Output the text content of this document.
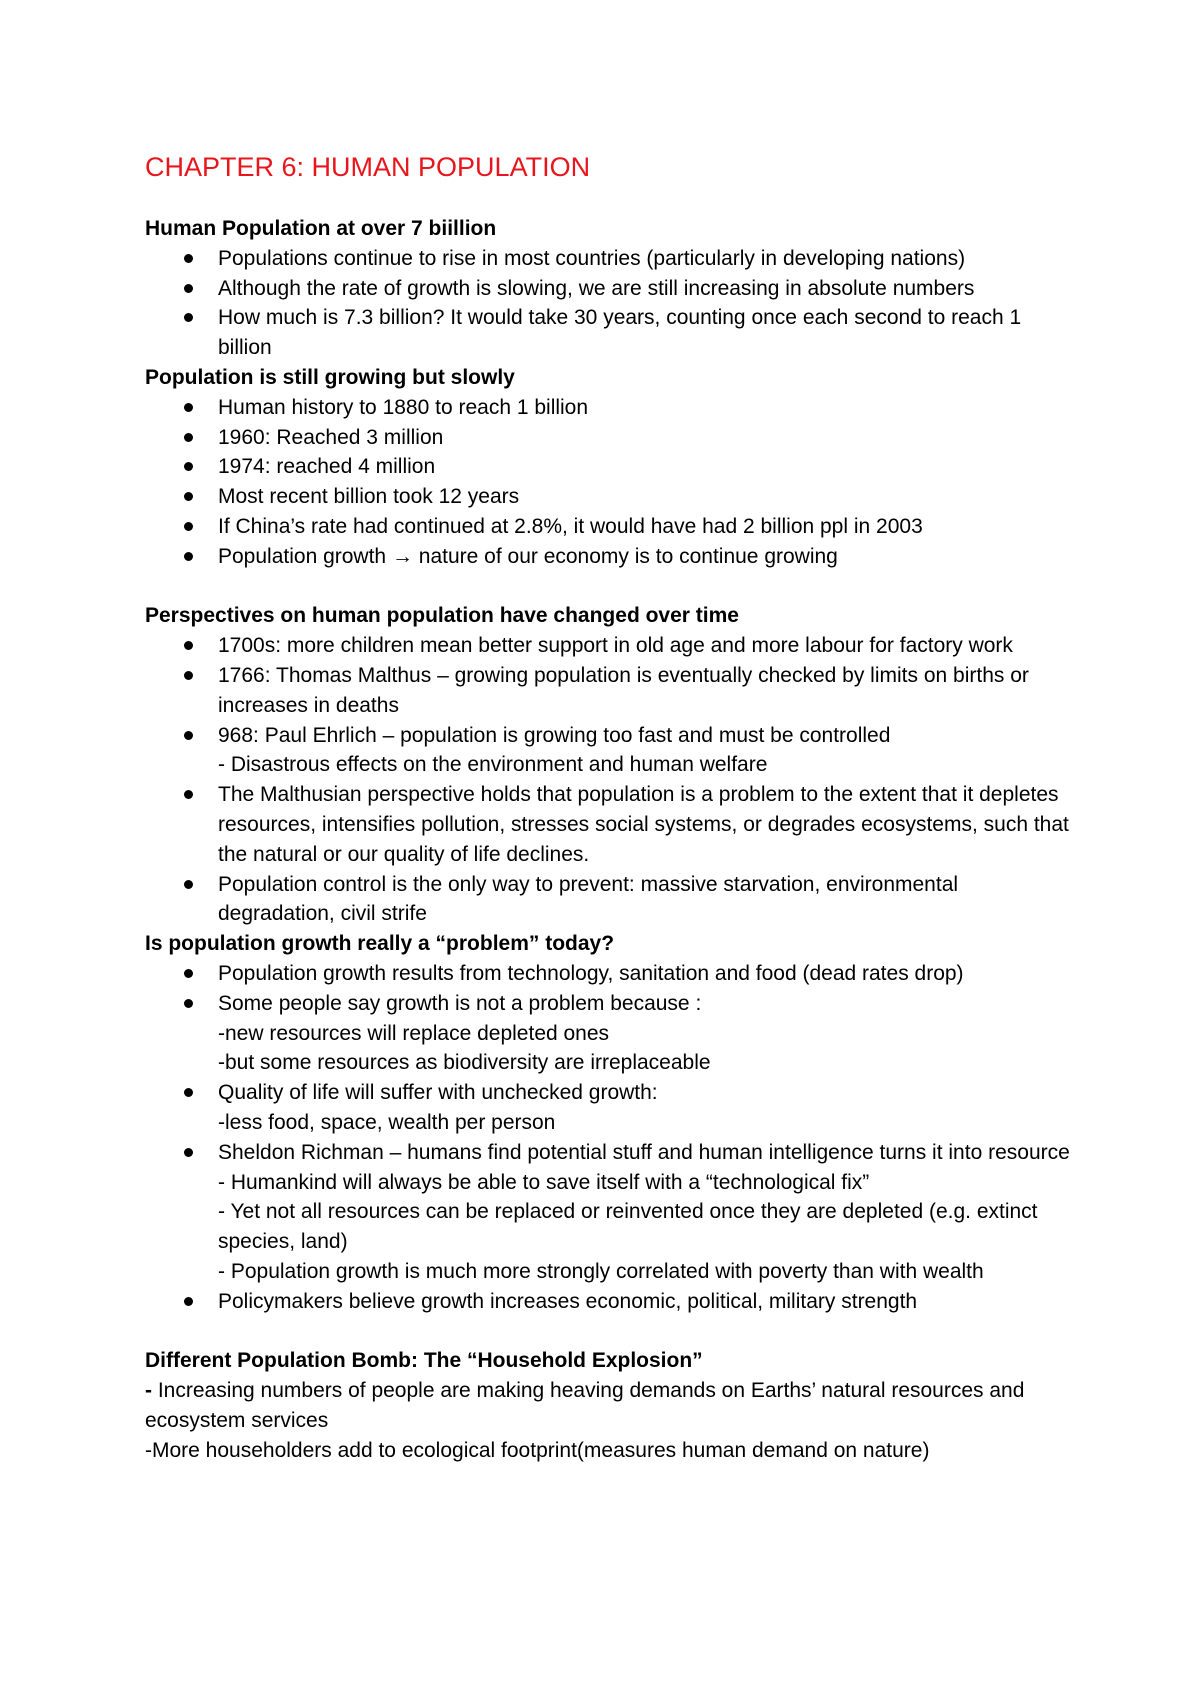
CHAPTER 6: HUMAN POPULATION

Human Population at over 7 biillion

Populations continue to rise in most countries (particularly in developing nations)
Although the rate of growth is slowing, we are still increasing in absolute numbers
How much is 7.3 billion? It would take 30 years, counting once each second to reach 1 billion

Population is still growing but slowly

Human history to 1880 to reach 1 billion
1960: Reached 3 million
1974: reached 4 million
Most recent billion took 12 years
If China’s rate had continued at 2.8%, it would have had 2 billion ppl in 2003
Population growth → nature of our economy is to continue growing

Perspectives on human population have changed over time

1700s: more children mean better support in old age and more labour for factory work
1766: Thomas Malthus – growing population is eventually checked by limits on births or increases in deaths
968: Paul Ehrlich – population is growing too fast and must be controlled
- Disastrous effects on the environment and human welfare
The Malthusian perspective holds that population is a problem to the extent that it depletes resources, intensifies pollution, stresses social systems, or degrades ecosystems, such that the natural or our quality of life declines.
Population control is the only way to prevent: massive starvation, environmental degradation, civil strife

Is population growth really a “problem” today?

Population growth results from technology, sanitation and food (dead rates drop)
Some people say growth is not a problem because :
-new resources will replace depleted ones
-but some resources as biodiversity are irreplaceable
Quality of life will suffer with unchecked growth:
-less food, space, wealth per person
Sheldon Richman – humans find potential stuff and human intelligence turns it into resource
- Humankind will always be able to save itself with a “technological fix”
- Yet not all resources can be replaced or reinvented once they are depleted (e.g. extinct species, land)
- Population growth is much more strongly correlated with poverty than with wealth
Policymakers believe growth increases economic, political, military strength

Different Population Bomb: The “Household Explosion”

- Increasing numbers of people are making heaving demands on Earths’ natural resources and ecosystem services

-More householders add to ecological footprint(measures human demand on nature)
